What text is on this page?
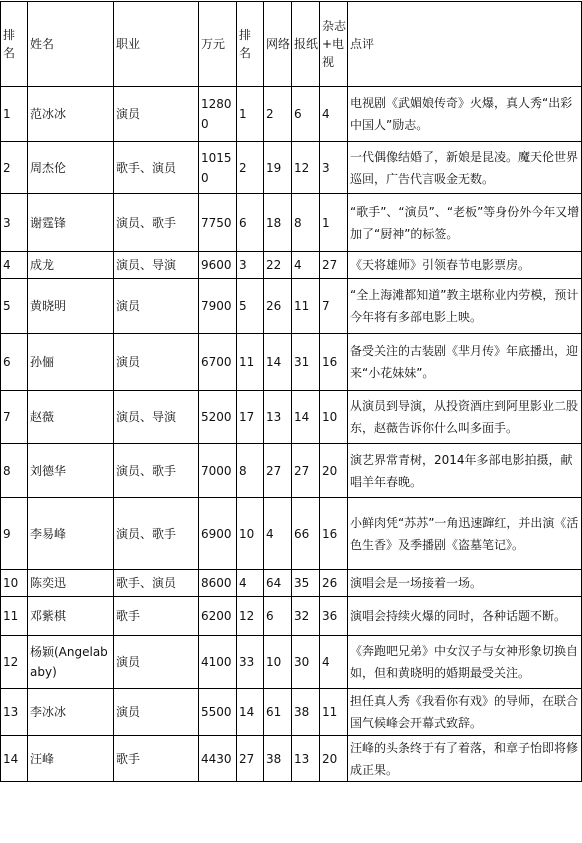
排名	姓名	职业	万元	排名	网络	报纸	杂志+电视	点评
1	范冰冰	演员	12800	1	2	6	4	电视剧《武媚娘传奇》火爆，真人秀“出彩中国人”励志。
2	周杰伦	歌手、演员	10150	2	19	12	3	一代偶像结婚了，新娘是昆凌。魔天伦世界巡回，广告代言吸金无数。
3	谢霆锋	演员、歌手	7750	6	18	8	1	“歌手”、“演员”、“老板”等身份外今年又增加了“厨神”的标签。
4	成龙	演员、导演	9600	3	22	4	27	《天将雄师》引领春节电影票房。
5	黄晓明	演员	7900	5	26	11	7	“全上海滩都知道”教主堪称业内劳模，预计今年将有多部电影上映。
6	孙俪	演员	6700	11	14	31	16	备受关注的古装剧《芈月传》年底播出，迎来“小花妹妹”。
7	赵薇	演员、导演	5200	17	13	14	10	从演员到导演，从投资酒庄到阿里影业二股东，赵薇告诉你什么叫多面手。
8	刘德华	演员、歌手	7000	8	27	27	20	演艺界常青树，2014年多部电影拍摄，献唱羊年春晚。
9	李易峰	演员、歌手	6900	10	4	66	16	小鲜肉凭“苏苏”一角迅速蹿红，并出演《活色生香》及季播剧《盗墓笔记》。
10	陈奕迅	歌手、演员	8600	4	64	35	26	演唱会是一场接着一场。
11	邓紫棋	歌手	6200	12	6	32	36	演唱会持续火爆的同时，各种话题不断。
12	杨颖(Angelababy)	演员	4100	33	10	30	4	《奔跑吧兄弟》中女汉子与女神形象切换自如，但和黄晓明的婚期最受关注。
13	李冰冰	演员	5500	14	61	38	11	担任真人秀《我看你有戏》的导师，在联合国气候峰会开幕式致辞。
14	汪峰	歌手	4430	27	38	13	20	汪峰的头条终于有了着落，和章子怡即将修成正果。
